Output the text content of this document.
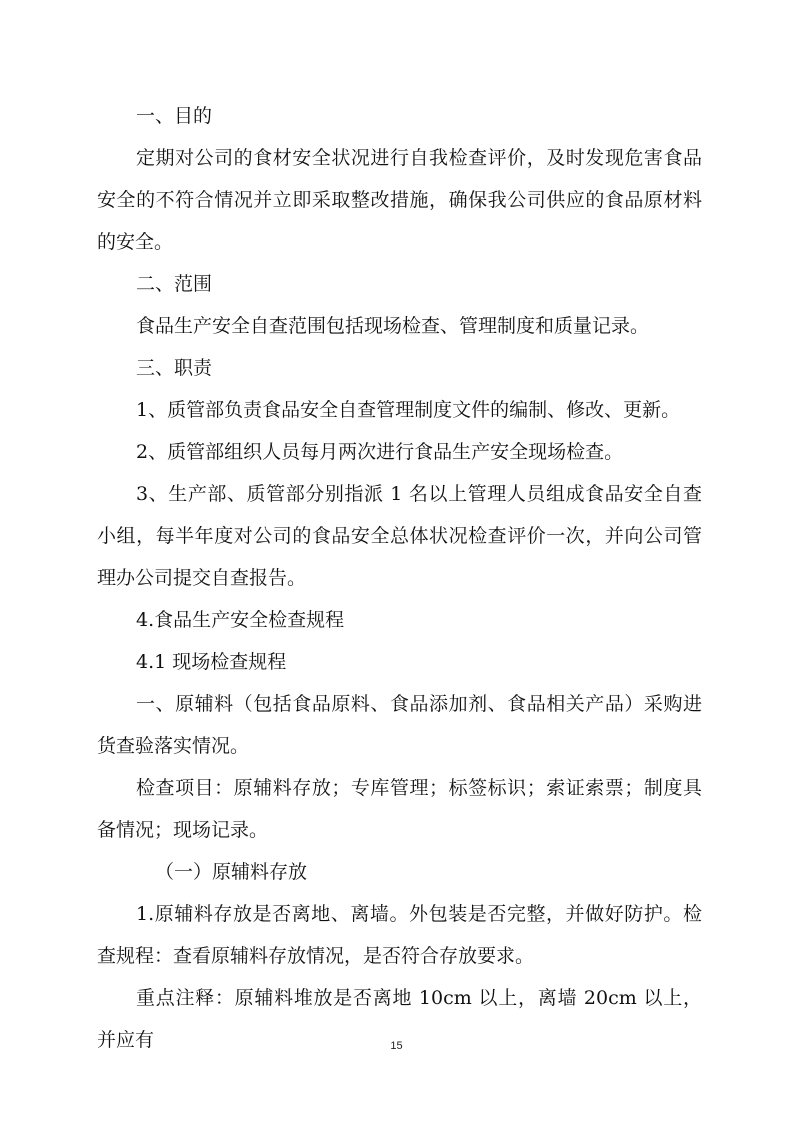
一、目的

定期对公司的食材安全状况进行自我检查评价，及时发现危害食品安全的不符合情况并立即采取整改措施，确保我公司供应的食品原材料的安全。

二、范围

食品生产安全自查范围包括现场检查、管理制度和质量记录。

三、职责

1、质管部负责食品安全自查管理制度文件的编制、修改、更新。

2、质管部组织人员每月两次进行食品生产安全现场检查。

3、生产部、质管部分别指派 1 名以上管理人员组成食品安全自查小组，每半年度对公司的食品安全总体状况检查评价一次，并向公司管理办公司提交自查报告。

4.食品生产安全检查规程

4.1 现场检查规程

一、原辅料（包括食品原料、食品添加剂、食品相关产品）采购进货查验落实情况。

检查项目：原辅料存放；专库管理；标签标识；索证索票；制度具备情况；现场记录。

（一）原辅料存放

1.原辅料存放是否离地、离墙。外包装是否完整，并做好防护。检查规程：查看原辅料存放情况，是否符合存放要求。

重点注释：原辅料堆放是否离地 10cm 以上，离墙 20cm 以上，并应有	15
